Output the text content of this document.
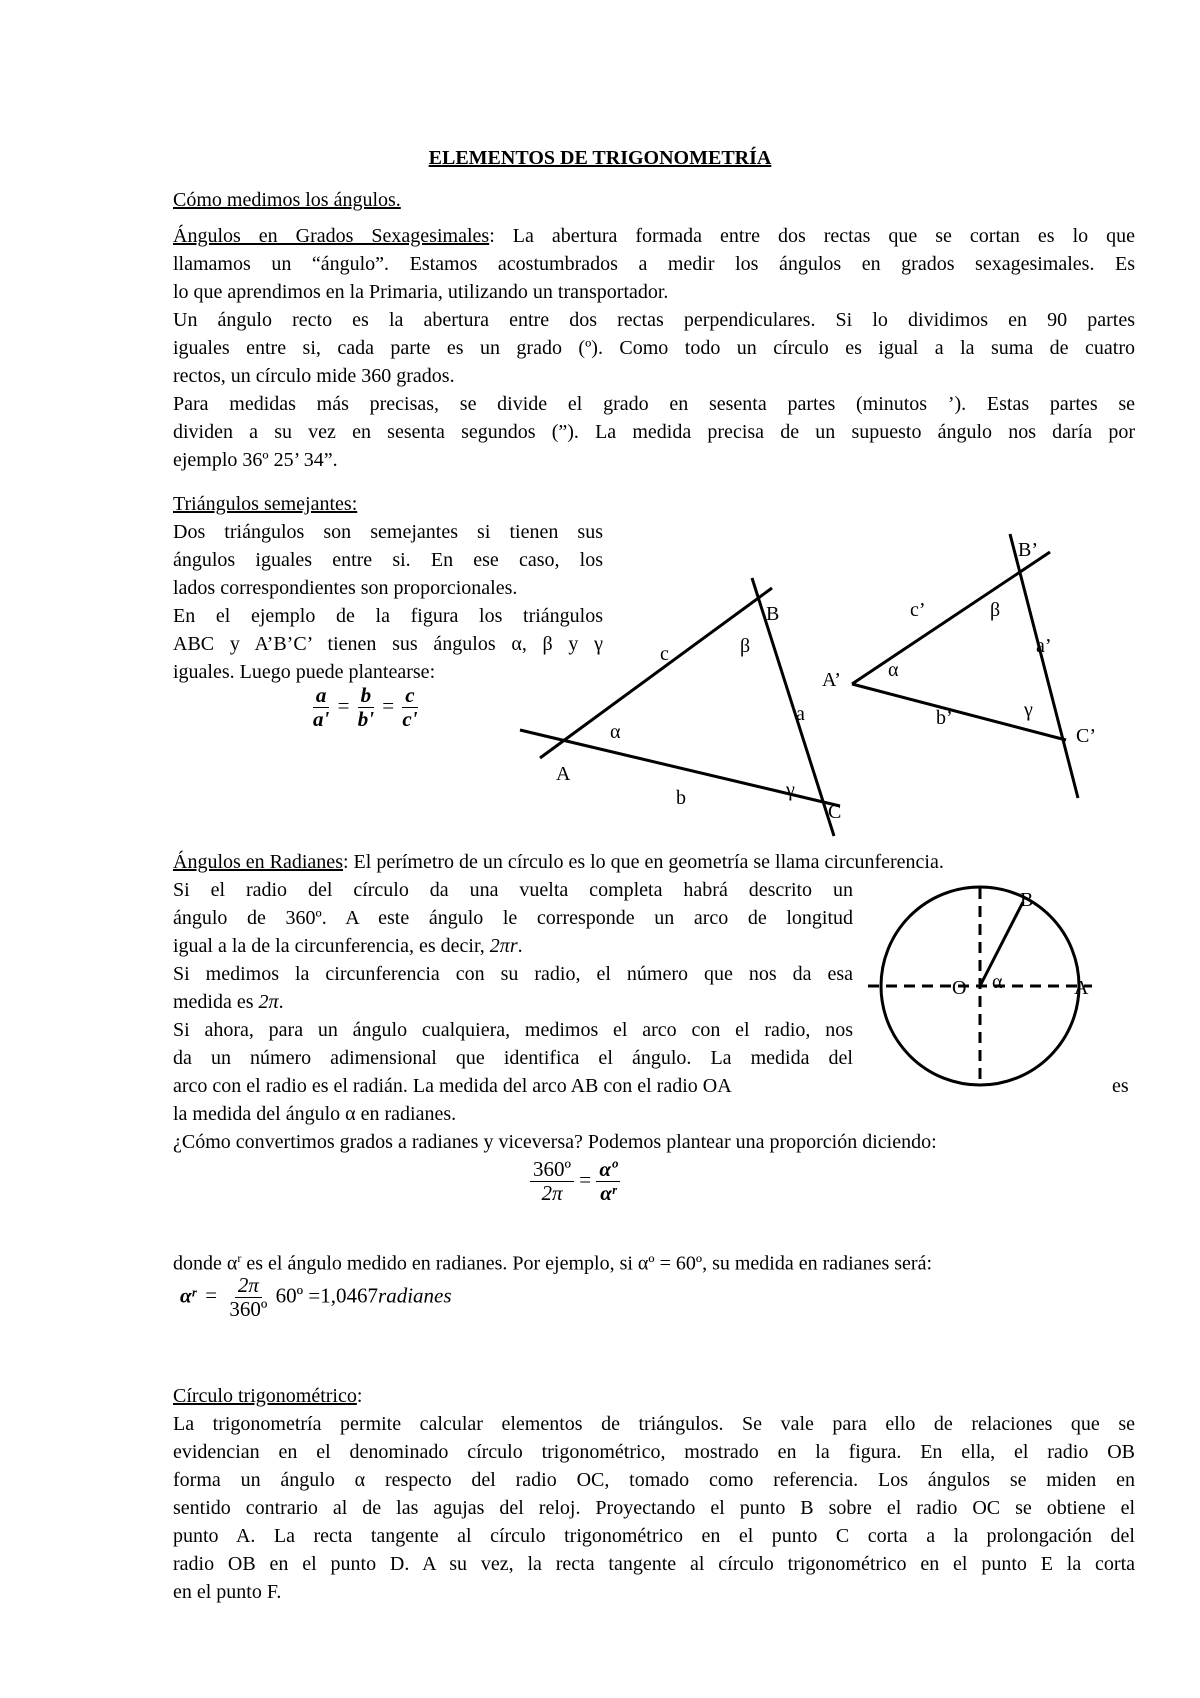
ELEMENTOS DE TRIGONOMETRÍA
Cómo medimos los ángulos.
Ángulos en Grados Sexagesimales: La abertura formada entre dos rectas que se cortan es lo que
llamamos un “ángulo”. Estamos acostumbrados a medir los ángulos en grados sexagesimales. Es
lo que aprendimos en la Primaria, utilizando un transportador.
Un ángulo recto es la abertura entre dos rectas perpendiculares. Si lo dividimos en 90 partes
iguales entre si, cada parte es un grado (º). Como todo un círculo es igual a la suma de cuatro
rectos, un círculo mide 360 grados.
Para medidas más precisas, se divide el grado en sesenta partes (minutos ’). Estas partes se
dividen a su vez en sesenta segundos (”). La medida precisa de un supuesto ángulo nos daría por
ejemplo 36º 25’ 34”.
Triángulos semejantes:
Dos triángulos son semejantes si tienen sus
ángulos iguales entre si. En ese caso, los
lados correspondientes son proporcionales.
En el ejemplo de la figura los triángulos
ABC y A’B’C’ tienen sus ángulos α, β y γ
iguales. Luego puede plantearse:
$\frac{a}{a'} = \frac{b}{b'} = \frac{c}{c'}$
A
B
C
a
b
c
α
β
γ
A’
B’
C’
a’
b’
c’
α
β
γ
Ángulos en Radianes: El perímetro de un círculo es lo que en geometría se llama circunferencia.
Si el radio del círculo da una vuelta completa habrá descrito un
ángulo de 360º. A este ángulo le corresponde un arco de longitud
igual a la de la circunferencia, es decir, 2πr.
Si medimos la circunferencia con su radio, el número que nos da esa
medida es 2π.
Si ahora, para un ángulo cualquiera, medimos el arco con el radio, nos
da un número adimensional que identifica el ángulo. La medida del
arco con el radio es el radián. La medida del arco AB con el radio OA	es
la medida del ángulo α en radianes.
¿Cómo convertimos grados a radianes y viceversa? Podemos plantear una proporción diciendo:
B
O	A
α
$\frac{\text{360º}}{2\pi} = \frac{\text{αº}}{\text{αʳ}}$
donde $\alpha^r$ es el ángulo medido en radianes. Por ejemplo, si αº = 60º, su medida en radianes será:
αʳ = $\frac{2\pi}{\text{360º}}$ 60º =1,0467radianes
Círculo trigonométrico:
La trigonometría permite calcular elementos de triángulos. Se vale para ello de relaciones que se
evidencian en el denominado círculo trigonométrico, mostrado en la figura. En ella, el radio OB
forma un ángulo α respecto del radio OC, tomado como referencia. Los ángulos se miden en
sentido contrario al de las agujas del reloj. Proyectando el punto B sobre el radio OC se obtiene el
punto A. La recta tangente al círculo trigonométrico en el punto C corta a la prolongación del
radio OB en el punto D. A su vez, la recta tangente al círculo trigonométrico en el punto E la corta
en el punto F.
